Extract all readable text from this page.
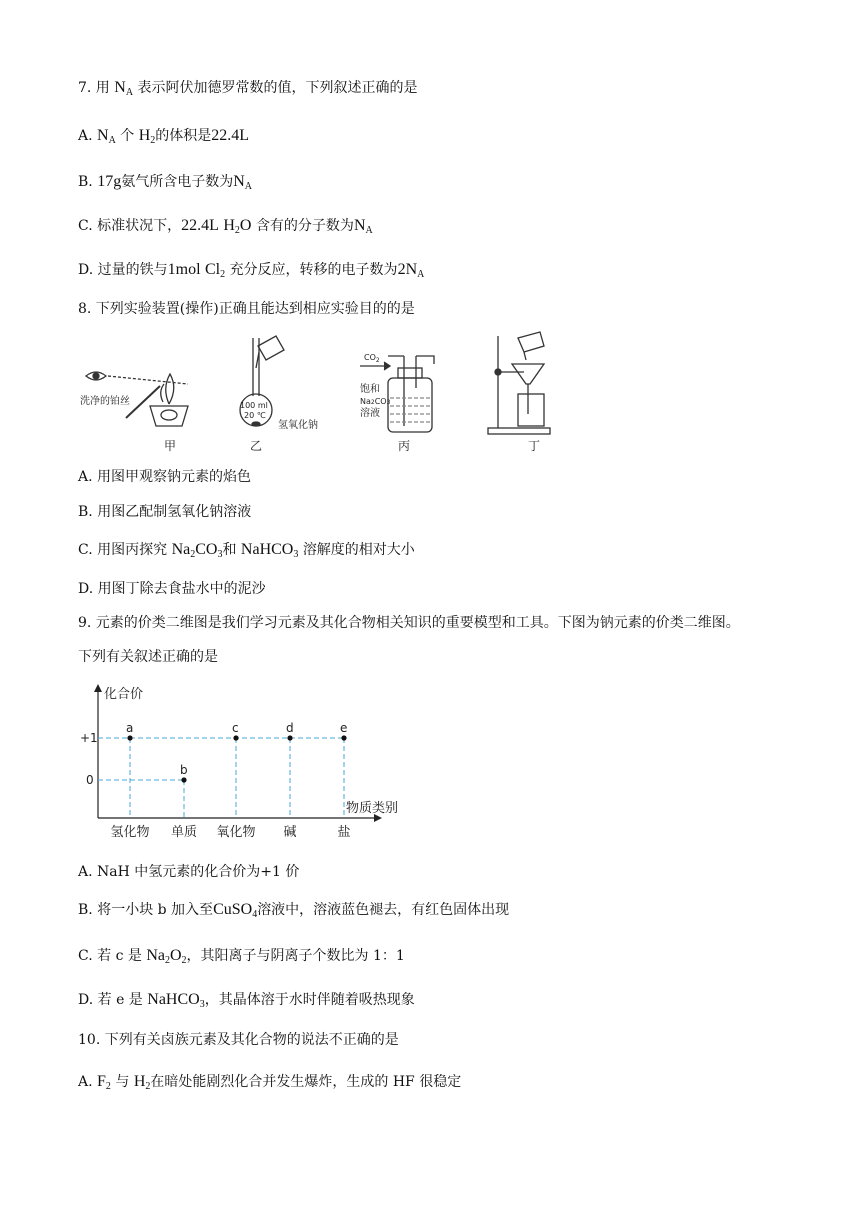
7. 用 $N_A$ 表示阿伏加德罗常数的值，下列叙述正确的是
A. $N_A$ 个 $H_2$的体积是22.4L
B. 17g氨气所含电子数为$N_A$
C. 标准状况下，22.4L $H_2O$ 含有的分子数为$N_A$
D. 过量的铁与1mol $Cl_2$ 充分反应，转移的电子数为$2N_A$
8. 下列实验装置(操作)正确且能达到相应实验目的的是
洗净的铂丝
甲
100 ml
20 ℃
氢氧化钠
乙
$CO_2$
饱和
Na2CO3
溶液
丙	丁
A. 用图甲观察钠元素的焰色
B. 用图乙配制氢氧化钠溶液
C. 用图丙探究 $Na_2CO_3$和 NaHCO$_3$ 溶解度的相对大小
D. 用图丁除去食盐水中的泥沙
9. 元素的价类二维图是我们学习元素及其化合物相关知识的重要模型和工具。下图为钠元素的价类二维图。
下列有关叙述正确的是
化合价
物质类别
+1
0
氢化物 单质 氧化物 碱	盐
a
b
c	d	e
A. NaH 中氢元素的化合价为+1 价
B. 将一小块 b 加入至CuSO$_4$溶液中，溶液蓝色褪去，有红色固体出现
C. 若 c 是 $Na_2O_2$，其阳离子与阴离子个数比为 1：1
D. 若 e 是 NaHCO$_3$，其晶体溶于水时伴随着吸热现象
10. 下列有关卤族元素及其化合物的说法不正确的是
A. $F_2$ 与 $H_2$在暗处能剧烈化合并发生爆炸，生成的 HF 很稳定
